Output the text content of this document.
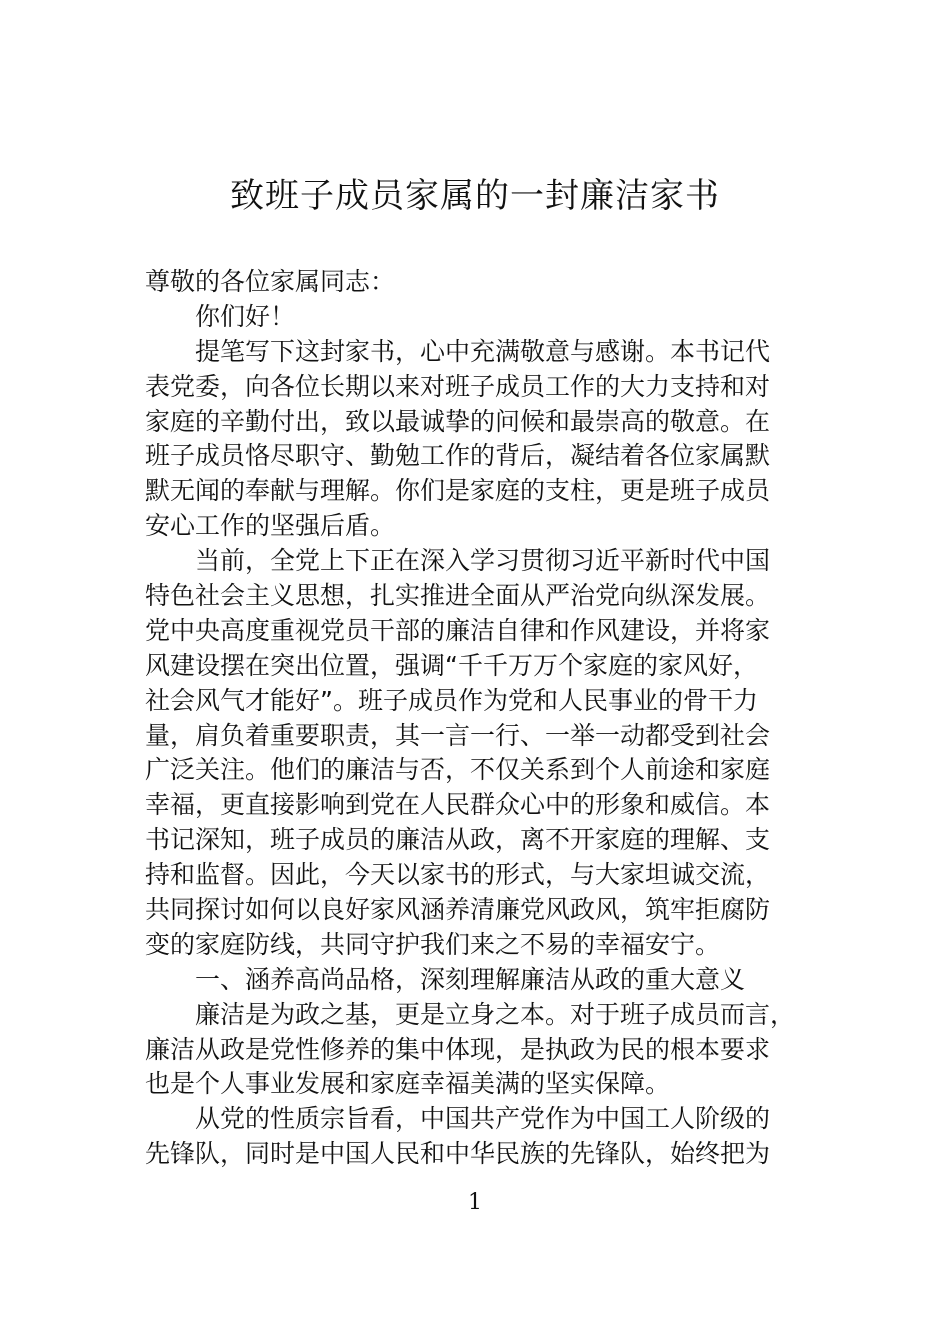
致班子成员家属的一封廉洁家书
尊敬的各位家属同志：
你们好！
提笔写下这封家书，心中充满敬意与感谢。本书记代
表党委，向各位长期以来对班子成员工作的大力支持和对
家庭的辛勤付出，致以最诚挚的问候和最崇高的敬意。在
班子成员恪尽职守、勤勉工作的背后，凝结着各位家属默
默无闻的奉献与理解。你们是家庭的支柱，更是班子成员
安心工作的坚强后盾。
当前，全党上下正在深入学习贯彻习近平新时代中国
特色社会主义思想，扎实推进全面从严治党向纵深发展。
党中央高度重视党员干部的廉洁自律和作风建设，并将家
风建设摆在突出位置，强调“千千万万个家庭的家风好，
社会风气才能好”。班子成员作为党和人民事业的骨干力
量，肩负着重要职责，其一言一行、一举一动都受到社会
广泛关注。他们的廉洁与否，不仅关系到个人前途和家庭
幸福，更直接影响到党在人民群众心中的形象和威信。本
书记深知，班子成员的廉洁从政，离不开家庭的理解、支
持和监督。因此，今天以家书的形式，与大家坦诚交流，
共同探讨如何以良好家风涵养清廉党风政风，筑牢拒腐防
变的家庭防线，共同守护我们来之不易的幸福安宁。
一、涵养高尚品格，深刻理解廉洁从政的重大意义
廉洁是为政之基，更是立身之本。对于班子成员而言，
廉洁从政是党性修养的集中体现，是执政为民的根本要求
也是个人事业发展和家庭幸福美满的坚实保障。
从党的性质宗旨看，中国共产党作为中国工人阶级的
先锋队，同时是中国人民和中华民族的先锋队，始终把为
1
